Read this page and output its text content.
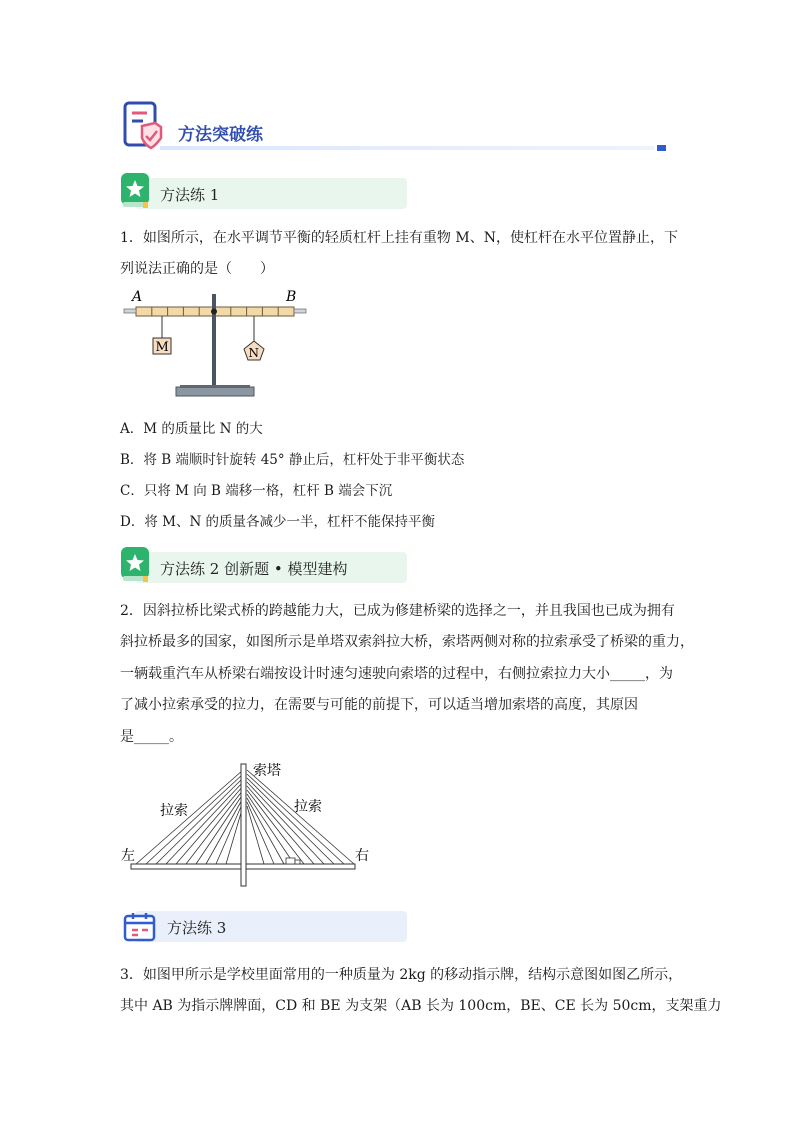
方法突破练
方法练 1
1．如图所示，在水平调节平衡的轻质杠杆上挂有重物 M、N，使杠杆在水平位置静止，下
列说法正确的是（　　）
A	B
M	N
A．M 的质量比 N 的大
B．将 B 端顺时针旋转 45° 静止后，杠杆处于非平衡状态
C．只将 M 向 B 端移一格，杠杆 B 端会下沉
D．将 M、N 的质量各减少一半，杠杆不能保持平衡
方法练 2 创新题 • 模型建构
2．因斜拉桥比梁式桥的跨越能力大，已成为修建桥梁的选择之一，并且我国也已成为拥有
斜拉桥最多的国家，如图所示是单塔双索斜拉大桥，索塔两侧对称的拉索承受了桥梁的重力，
一辆载重汽车从桥梁右端按设计时速匀速驶向索塔的过程中，右侧拉索拉力大小_____，为
了减小拉索承受的拉力，在需要与可能的前提下，可以适当增加索塔的高度，其原因
是_____。
索塔
拉索	拉索
左	右
方法练 3
3．如图甲所示是学校里面常用的一种质量为 2kg 的移动指示牌，结构示意图如图乙所示，
其中 AB 为指示牌牌面，CD 和 BE 为支架（AB 长为 100cm，BE、CE 长为 50cm，支架重力
